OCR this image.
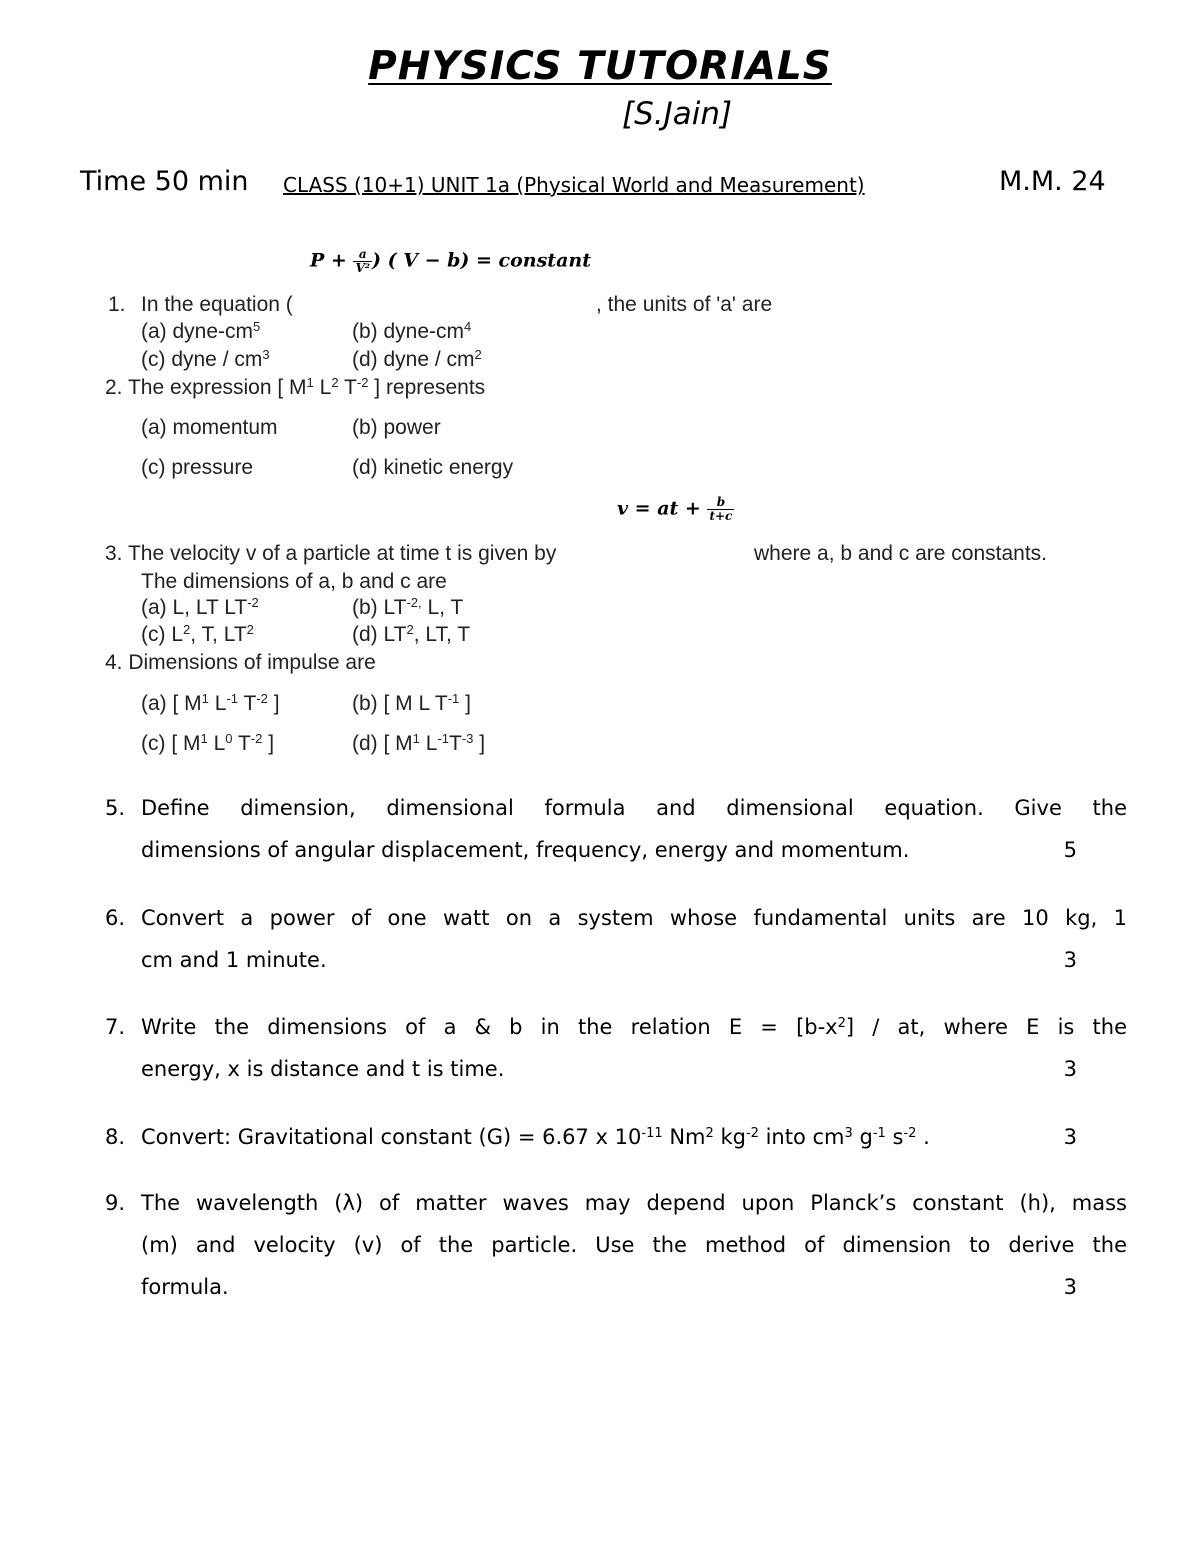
PHYSICS TUTORIALS
[S.Jain]
Time 50 min CLASS (10+1) UNIT 1a (Physical World and Measurement)	M.M. 24
$P + \frac{a}{\text{V²}}$ ) ( V − b) = constant
1. In the equation (	, the units of 'a' are
(a) dyne-$cm^5$	(b) dyne-$cm^4$
(c) dyne / $cm^3$	(d) dyne / $cm^2$
2. The expression [ $M^1$ $L^2$ $T^{-2}$ ] represents
(a) momentum	(b) power
(c) pressure	(d) kinetic energy
v = at + $\frac{b}{t+c}$
3. The velocity v of a particle at time t is given by	where a, b and c are constants.
The dimensions of a, b and c are
(a) L, LT $LT^{-2}$	(b) $LT^{-2,}$ L, T
(c) $L^2$, T, $LT^2$	(d) $LT^2$, LT, T
4. Dimensions of impulse are
(a) [ $M^1$ $L^{-1}$ $T^{-2}$ ]	(b) [ M L $T^{-1}$ ]
(c) [ $M^1$ $L^0$ $T^{-2}$ ]	(d) [ $M^1$ $L^{-1}T^{-3}$ ]
5. Define dimension, dimensional formula and dimensional equation. Give the
dimensions of angular displacement, frequency, energy and momentum.	5
6. Convert a power of one watt on a system whose fundamental units are 10 kg, 1
cm and 1 minute.	3
7. Write the dimensions of a & b in the relation $E = [b-x^2]$ / at, where E is the
energy, x is distance and t is time.	3
8. Convert: Gravitational constant (G) = 6.67 x $10^{-11}$ Nm$^2$ $kg^{-2}$ into $cm^3$ $g^{-1}$ $s^{-2}$ .	3
9. The wavelength (λ) of matter waves may depend upon Planck’s constant (h), mass
(m) and velocity (v) of the particle. Use the method of dimension to derive the
formula.	3
